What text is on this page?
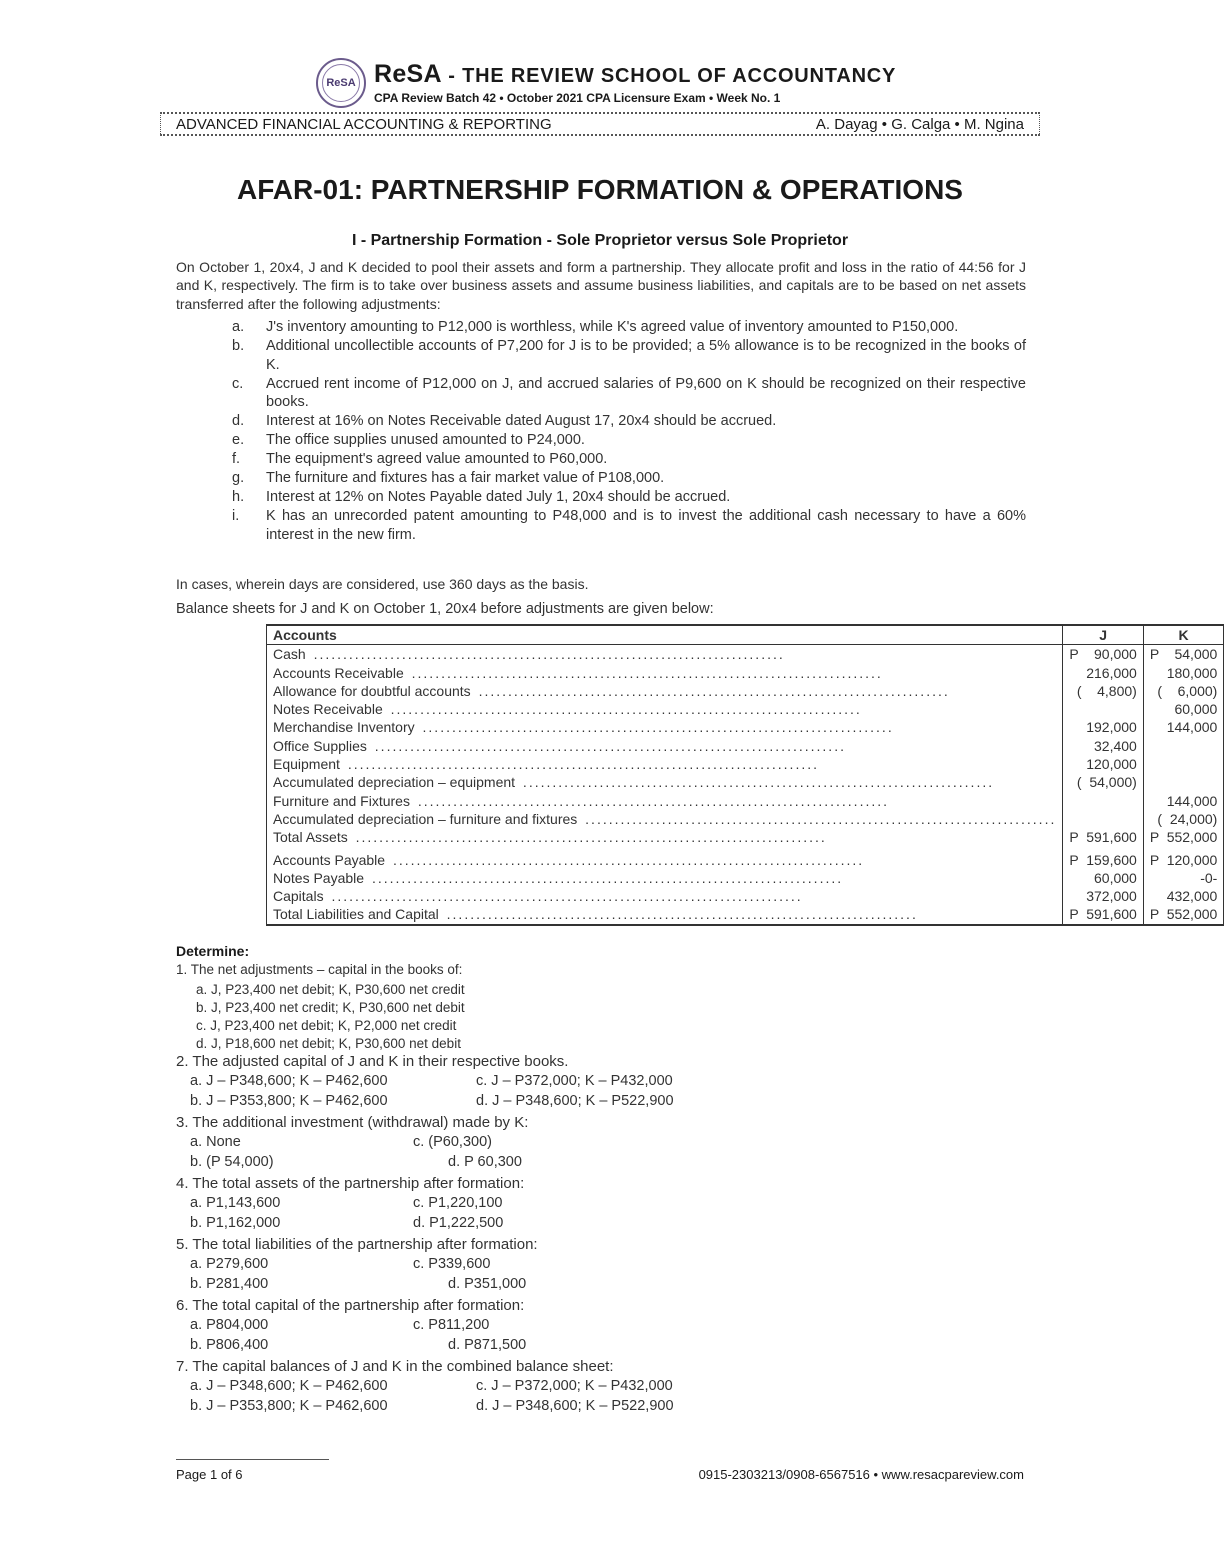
ReSA ReSA - THE REVIEW SCHOOL OF ACCOUNTANCY
CPA Review Batch 42 • October 2021 CPA Licensure Exam • Week No. 1
ADVANCED FINANCIAL ACCOUNTING & REPORTING	A. Dayag • G. Calga • M. Ngina
AFAR-01: PARTNERSHIP FORMATION & OPERATIONS
I - Partnership Formation - Sole Proprietor versus Sole Proprietor
On October 1, 20x4, J and K decided to pool their assets and form a partnership. They allocate profit and loss in the ratio of 44:56 for J and K, respectively. The firm is to take over business assets and assume business liabilities, and capitals are to be based on net assets transferred after the following adjustments:
a. J's inventory amounting to P12,000 is worthless, while K's agreed value of inventory amounted to P150,000.
b. Additional uncollectible accounts of P7,200 for J is to be provided; a 5% allowance is to be recognized in the books of K.
c. Accrued rent income of P12,000 on J, and accrued salaries of P9,600 on K should be recognized on their respective books.
d. Interest at 16% on Notes Receivable dated August 17, 20x4 should be accrued.
e. The office supplies unused amounted to P24,000.
f. The equipment's agreed value amounted to P60,000.
g. The furniture and fixtures has a fair market value of P108,000.
h. Interest at 12% on Notes Payable dated July 1, 20x4 should be accrued.
i. K has an unrecorded patent amounting to P48,000 and is to invest the additional cash necessary to have a 60% interest in the new firm.
In cases, wherein days are considered, use 360 days as the basis.
Balance sheets for J and K on October 1, 20x4 before adjustments are given below:
Accounts	J	K
Cash ................................................................................	P    90,000	P    54,000
Accounts Receivable ................................................................................	216,000	180,000
Allowance for doubtful accounts ................................................................................	(    4,800)	(    6,000)
Notes Receivable ................................................................................		60,000
Merchandise Inventory ................................................................................	192,000	144,000
Office Supplies ................................................................................	32,400	
Equipment ................................................................................	120,000	
Accumulated depreciation – equipment ................................................................................	(  54,000)	
Furniture and Fixtures ................................................................................		144,000
Accumulated depreciation – furniture and fixtures ................................................................................		(  24,000)
Total Assets ................................................................................	P  591,600	P  552,000
Accounts Payable ................................................................................	P  159,600	P  120,000
Notes Payable ................................................................................	60,000	-0-
Capitals ................................................................................	372,000	432,000
Total Liabilities and Capital ................................................................................	P  591,600	P  552,000
Determine:
1. The net adjustments – capital in the books of:
a. J, P23,400 net debit; K, P30,600 net credit
b. J, P23,400 net credit; K, P30,600 net debit
c. J, P23,400 net debit; K, P2,000 net credit
d. J, P18,600 net debit; K, P30,600 net debit
2. The adjusted capital of J and K in their respective books.
a. J – P348,600; K – P462,600	c. J – P372,000; K – P432,000
b. J – P353,800; K – P462,600	d. J – P348,600; K – P522,900
3. The additional investment (withdrawal) made by K:
a. None	c. (P60,300)
b. (P 54,000)	d. P 60,300
4. The total assets of the partnership after formation:
a. P1,143,600	c. P1,220,100
b. P1,162,000	d. P1,222,500
5. The total liabilities of the partnership after formation:
a. P279,600	c. P339,600
b. P281,400	d. P351,000
6. The total capital of the partnership after formation:
a. P804,000	c. P811,200
b. P806,400	d. P871,500
7. The capital balances of J and K in the combined balance sheet:
a. J – P348,600; K – P462,600	c. J – P372,000; K – P432,000
b. J – P353,800; K – P462,600	d. J – P348,600; K – P522,900
Page 1 of 6	0915-2303213/0908-6567516 • www.resacpareview.com
